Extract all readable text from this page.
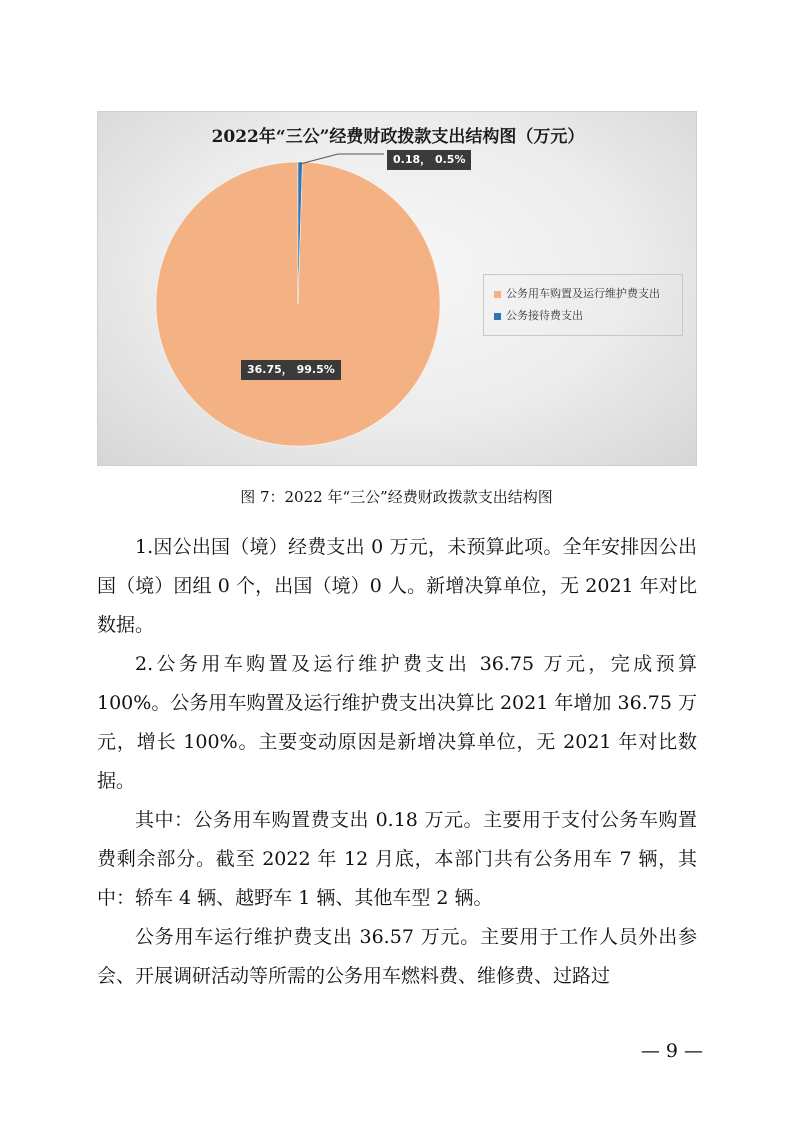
2022年“三公”经费财政拨款支出结构图（万元）
公务用车购置及运行维护费支出
公务接待费支出
0.18， 0.5%
36.75， 99.5%
图 7：2022 年“三公”经费财政拨款支出结构图

1.因公出国（境）经费支出 0 万元，未预算此项。全年安排因公出国（境）团组 0 个，出国（境）0 人。新增决算单位，无 2021 年对比数据。

2.公务用车购置及运行维护费支出 36.75 万元，完成预算 100%。公务用车购置及运行维护费支出决算比 2021 年增加 36.75 万元，增长 100%。主要变动原因是新增决算单位，无 2021 年对比数据。

其中：公务用车购置费支出 0.18 万元。主要用于支付公务车购置费剩余部分。截至 2022 年 12 月底，本部门共有公务用车 7 辆，其中：轿车 4 辆、越野车 1 辆、其他车型 2 辆。

公务用车运行维护费支出 36.57 万元。主要用于工作人员外出参会、开展调研活动等所需的公务用车燃料费、维修费、过路过

— 9 —
